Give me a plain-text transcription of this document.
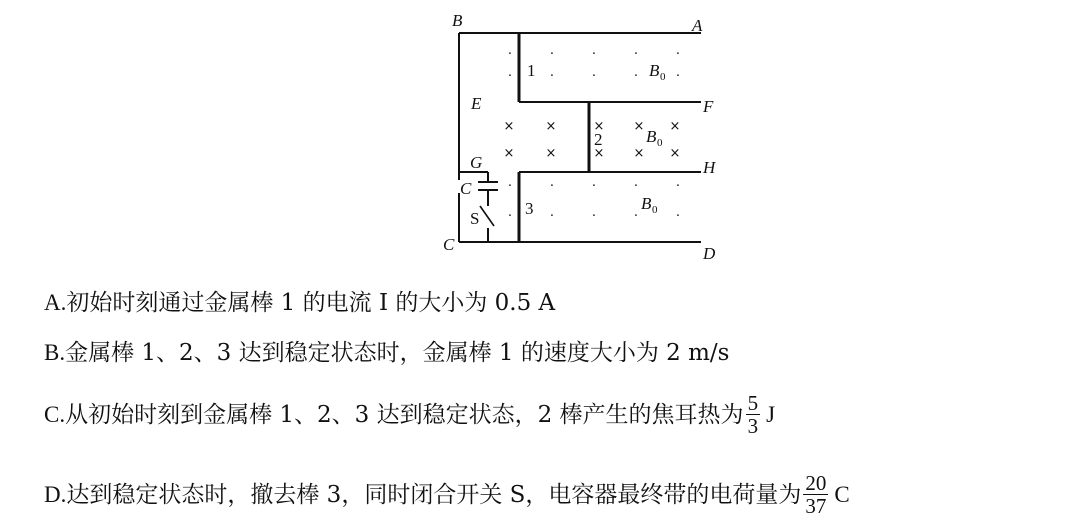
B	A
E	F
G	H
C	D
1
2
3
C
S
B 0
B 0
B 0
·	·	·	·	·
·	·	·	·	·
·	·	·	·	·
·	·	·	·	·
× ×	× × ×
× ×	× × ×
A. 初始时刻通过金属棒 1 的电流 I 的大小为 0.5 A
B. 金属棒 1、2、3 达到稳定状态时，金属棒 1 的速度大小为 2 m/s
C. 从初始时刻到金属棒 1、2、3 达到稳定状态，2 棒产生的焦耳热为 $\frac{5}{3}$ J
D. 达到稳定状态时，撤去棒 3，同时闭合开关 S，电容器最终带的电荷量为 $\frac{20}{37}$ C
